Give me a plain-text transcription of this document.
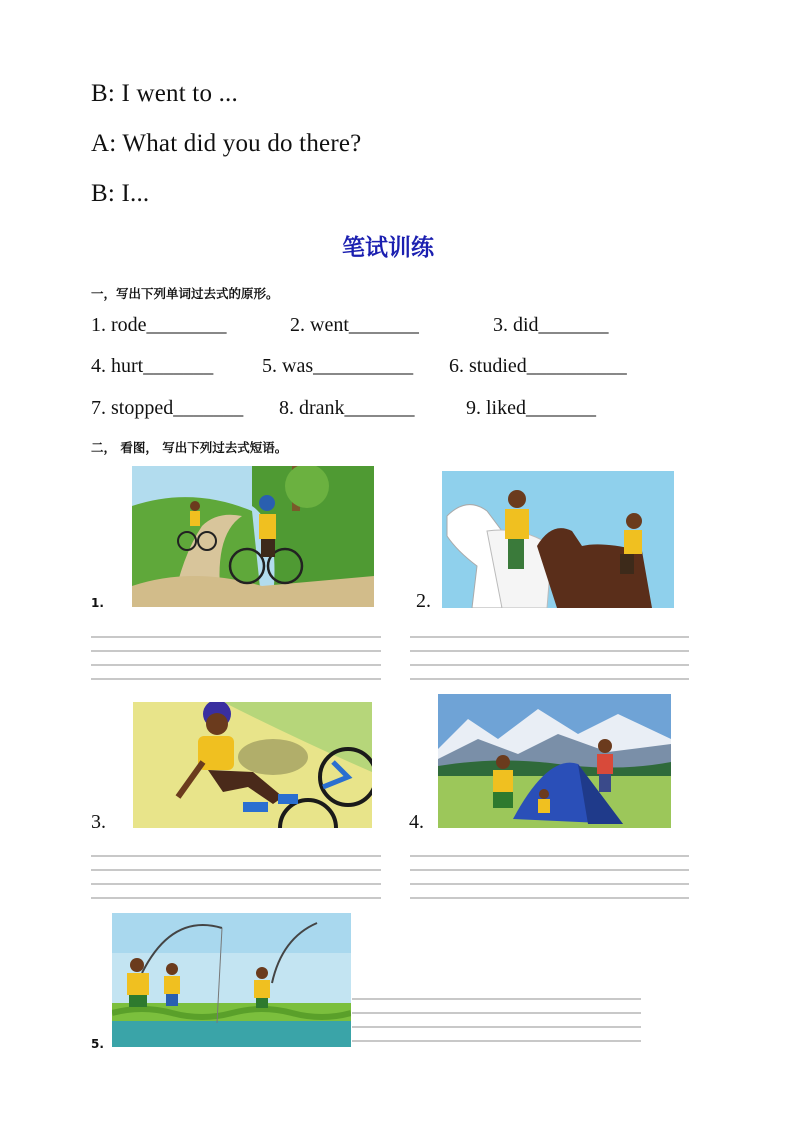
B: I went to ...
A: What did you do there?
B: I...
笔试训练
一，写出下列单词过去式的原形。
1. rode________	2. went_______	3. did_______
4. hurt_______ 5. was__________ 6. studied__________
7. stopped_______ 8. drank_______	9. liked_______
二， 看图， 写出下列过去式短语。
1.	2.
3.	4.
5.
